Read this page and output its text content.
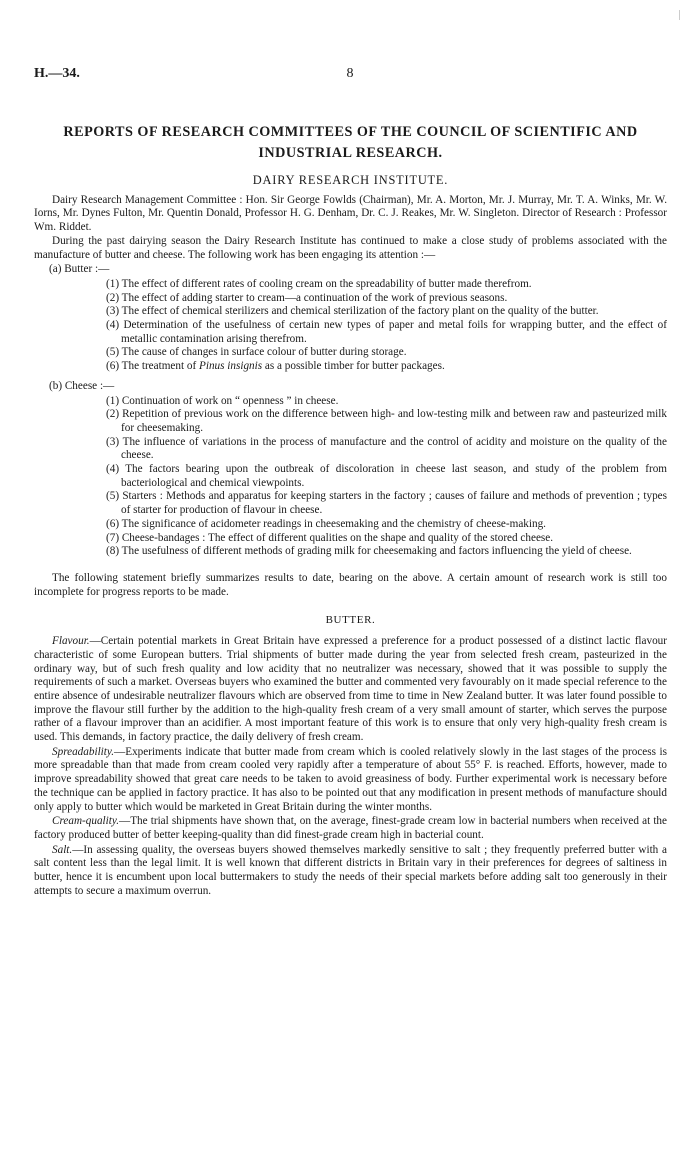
H.—34.	8
REPORTS OF RESEARCH COMMITTEES OF THE COUNCIL OF SCIENTIFIC AND INDUSTRIAL RESEARCH.
DAIRY RESEARCH INSTITUTE.

Dairy Research Management Committee : Hon. Sir George Fowlds (Chairman), Mr. A. Morton, Mr. J. Murray, Mr. T. A. Winks, Mr. W. Iorns, Mr. Dynes Fulton, Mr. Quentin Donald, Professor H. G. Denham, Dr. C. J. Reakes, Mr. W. Singleton. Director of Research : Professor Wm. Riddet.

During the past dairying season the Dairy Research Institute has continued to make a close study of problems associated with the manufacture of butter and cheese. The following work has been engaging its attention :—

(a) Butter :—
(1) The effect of different rates of cooling cream on the spreadability of butter made therefrom.
(2) The effect of adding starter to cream—a continuation of the work of previous seasons.
(3) The effect of chemical sterilizers and chemical sterilization of the factory plant on the quality of the butter.
(4) Determination of the usefulness of certain new types of paper and metal foils for wrapping butter, and the effect of metallic contamination arising therefrom.
(5) The cause of changes in surface colour of butter during storage.
(6) The treatment of Pinus insignis as a possible timber for butter packages.
(b) Cheese :—
(1) Continuation of work on “ openness ” in cheese.
(2) Repetition of previous work on the difference between high- and low-testing milk and between raw and pasteurized milk for cheesemaking.
(3) The influence of variations in the process of manufacture and the control of acidity and moisture on the quality of the cheese.
(4) The factors bearing upon the outbreak of discoloration in cheese last season, and study of the problem from bacteriological and chemical viewpoints.
(5) Starters : Methods and apparatus for keeping starters in the factory ; causes of failure and methods of prevention ; types of starter for production of flavour in cheese.
(6) The significance of acidometer readings in cheesemaking and the chemistry of cheese-making.
(7) Cheese-bandages : The effect of different qualities on the shape and quality of the stored cheese.
(8) The usefulness of different methods of grading milk for cheesemaking and factors influencing the yield of cheese.

The following statement briefly summarizes results to date, bearing on the above. A certain amount of research work is still too incomplete for progress reports to be made.

BUTTER.

Flavour.—Certain potential markets in Great Britain have expressed a preference for a product possessed of a distinct lactic flavour characteristic of some European butters. Trial shipments of butter made during the year from selected fresh cream, pasteurized in the ordinary way, but of such fresh quality and low acidity that no neutralizer was necessary, showed that it was possible to supply the requirements of such a market. Overseas buyers who examined the butter and commented very favourably on it made special reference to the entire absence of undesirable neutralizer flavours which are observed from time to time in New Zealand butter. It was later found possible to improve the flavour still further by the addition to the high-quality fresh cream of a very small amount of starter, which serves the purpose rather of a flavour improver than an acidifier. A most important feature of this work is to ensure that only very high-quality fresh cream is used. This demands, in factory practice, the daily delivery of fresh cream.

Spreadability.—Experiments indicate that butter made from cream which is cooled relatively slowly in the last stages of the process is more spreadable than that made from cream cooled very rapidly after a temperature of about 55° F. is reached. Efforts, however, made to improve spreadability showed that great care needs to be taken to avoid greasiness of body. Further experimental work is necessary before the technique can be applied in factory practice. It has also to be pointed out that any modification in present methods of manufacture should only apply to butter which would be marketed in Great Britain during the winter months.

Cream-quality.—The trial shipments have shown that, on the average, finest-grade cream low in bacterial numbers when received at the factory produced butter of better keeping-quality than did finest-grade cream high in bacterial count.

Salt.—In assessing quality, the overseas buyers showed themselves markedly sensitive to salt ; they frequently preferred butter with a salt content less than the legal limit. It is well known that different districts in Britain vary in their preferences for degrees of saltiness in butter, hence it is encumbent upon local buttermakers to study the needs of their special markets before adding salt too generously in their attempts to secure a maximum overrun.
